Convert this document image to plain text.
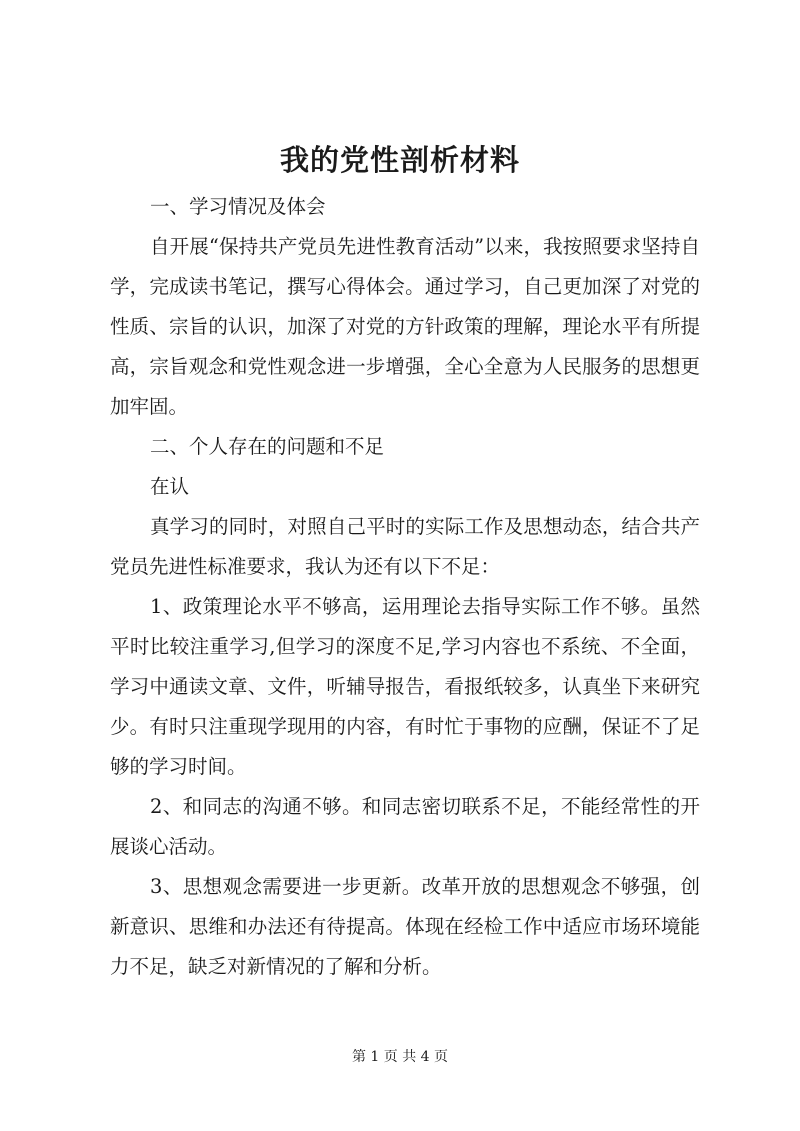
我的党性剖析材料

一、学习情况及体会

自开展“保持共产党员先进性教育活动”以来，我按照要求坚持自学，完成读书笔记，撰写心得体会。通过学习，自己更加深了对党的性质、宗旨的认识，加深了对党的方针政策的理解，理论水平有所提高，宗旨观念和党性观念进一步增强，全心全意为人民服务的思想更加牢固。

二、个人存在的问题和不足

在认

真学习的同时，对照自己平时的实际工作及思想动态，结合共产党员先进性标准要求，我认为还有以下不足：

1、政策理论水平不够高，运用理论去指导实际工作不够。虽然平时比较注重学习,但学习的深度不足,学习内容也不系统、不全面，学习中通读文章、文件，听辅导报告，看报纸较多，认真坐下来研究少。有时只注重现学现用的内容，有时忙于事物的应酬，保证不了足够的学习时间。

2、和同志的沟通不够。和同志密切联系不足，不能经常性的开展谈心活动。

3、思想观念需要进一步更新。改革开放的思想观念不够强，创新意识、思维和办法还有待提高。体现在经检工作中适应市场环境能力不足，缺乏对新情况的了解和分析。

第 1 页 共 4 页
